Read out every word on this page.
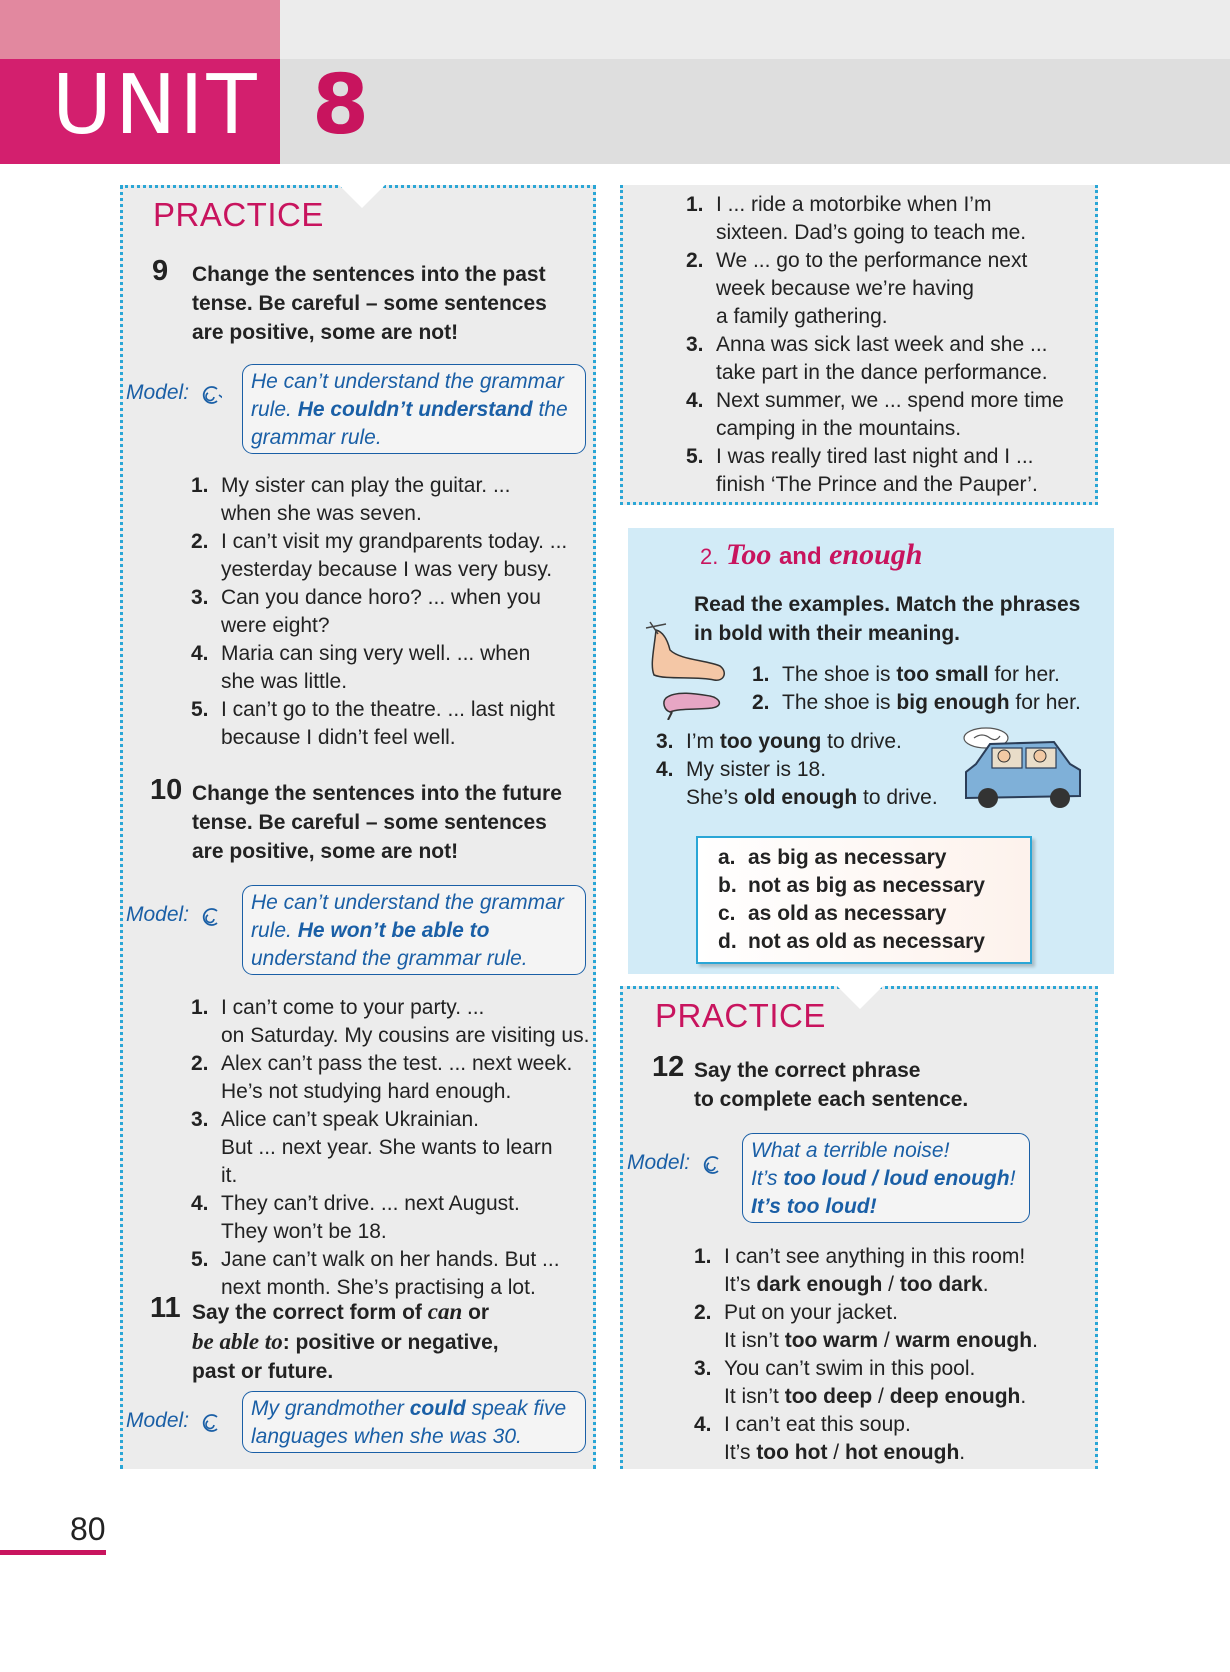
UNIT 8
PRACTICE
9 Change the sentences into the past
tense. Be careful – some sentences
are positive, some are not!
Model:	He can’t understand the grammar
rule. He couldn’t understand the
grammar rule.
1. My sister can play the guitar. ...
when she was seven.
2. I can’t visit my grandparents today. ...
yesterday because I was very busy.
3. Can you dance horo? ... when you
were eight?
4. Maria can sing very well. ... when
she was little.
5. I can’t go to the theatre. ... last night
because I didn’t feel well.
10 Change the sentences into the future
tense. Be careful – some sentences
are positive, some are not!
Model:
He can’t understand the grammar
rule. He won’t be able to
understand the grammar rule.
1. I can’t come to your party. ...
on Saturday. My cousins are visiting us.
2. Alex can’t pass the test. ... next week.
He’s not studying hard enough.
3. Alice can’t speak Ukrainian.
But ... next year. She wants to learn
it.
4. They can’t drive. ... next August.
They won’t be 18.
5. Jane can’t walk on her hands. But ...
next month. She’s practising a lot.
11 Say the correct form of can or
be able to: positive or negative,
past or future.
Model:
My grandmother could speak five
languages when she was 30.
1. I ... ride a motorbike when I’m
sixteen. Dad’s going to teach me.
2. We ... go to the performance next
week because we’re having
a family gathering.
3. Anna was sick last week and she ...
take part in the dance performance.
4. Next summer, we ... spend more time
camping in the mountains.
5. I was really tired last night and I ...
finish ‘The Prince and the Pauper’.
2. Too and enough
Read the examples. Match the phrases
in bold with their meaning.
1. The shoe is too small for her.
2. The shoe is big enough for her.
3. I’m too young to drive.
4. My sister is 18.
She’s old enough to drive.
a. as big as necessary
b. not as big as necessary
c. as old as necessary
d. not as old as necessary
PRACTICE
12 Say the correct phrase
to complete each sentence.
Model:
What a terrible noise!
It’s too loud / loud enough!
It’s too loud!
1. I can’t see anything in this room!
It’s dark enough / too dark.
2. Put on your jacket.
It isn’t too warm / warm enough.
3. You can’t swim in this pool.
It isn’t too deep / deep enough.
4. I can’t eat this soup.
It’s too hot / hot enough.
80
